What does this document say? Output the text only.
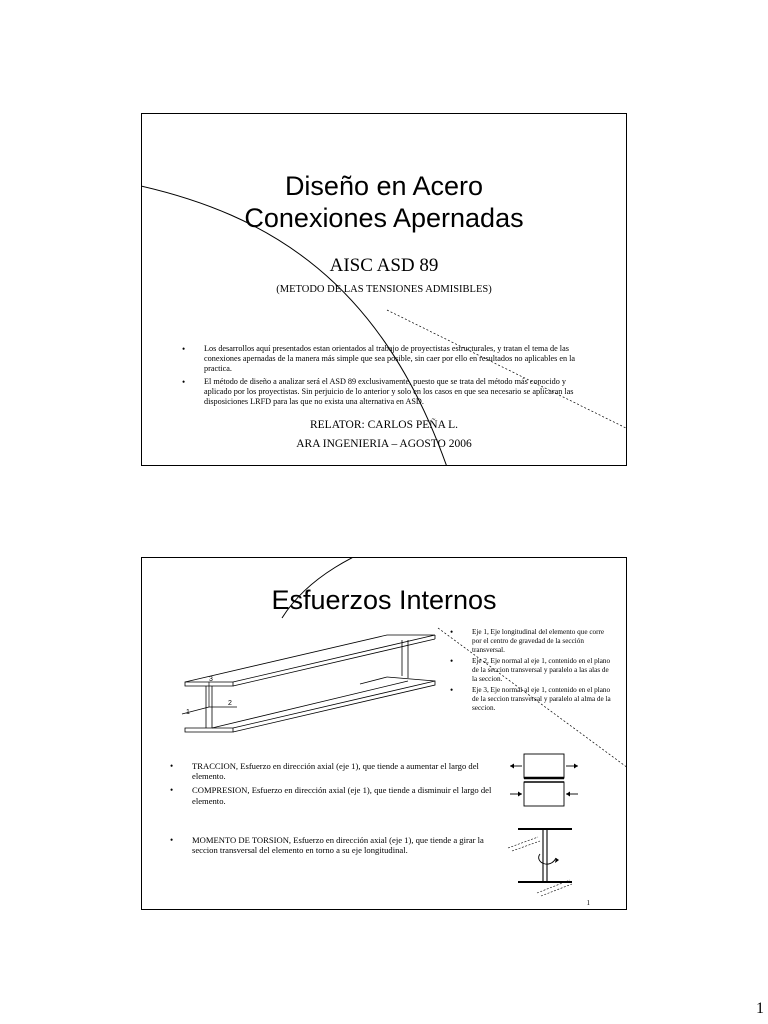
Diseño en Acero
Conexiones Apernadas
AISC ASD 89
(METODO DE LAS TENSIONES ADMISIBLES)
• Los desarrollos aquí presentados estan orientados al trabajo de proyectistas estructurales, y tratan el tema de las conexiones apernadas de la manera más simple que sea posible, sin caer por ello en resultados no aplicables en la practica.
• El método de diseño a analizar será el ASD 89 exclusivamente, puesto que se trata del método más conocido y aplicado por los proyectistas. Sin perjuicio de lo anterior y solo en los casos en que sea necesario se aplicaran las disposiciones LRFD para las que no exista una alternativa en ASD.
RELATOR: CARLOS PEÑA L.
ARA INGENIERIA – AGOSTO 2006
Esfuerzos Internos
•	Eje 1, Eje longitudinal del elemento que corre por el centro de gravedad de la sección transversal.
•	Eje 2, Eje normal al eje 1, contenido en el plano de la seccion transversal y paralelo a las alas de la seccion.
•	Eje 3, Eje normal al eje 1, contenido en el plano de la seccion transversal y paralelo al alma de la seccion.
3
1
2
• TRACCION, Esfuerzo en dirección axial (eje 1), que tiende a aumentar el largo del elemento.
• COMPRESION, Esfuerzo en dirección axial (eje 1), que tiende a disminuir el largo del elemento.
• MOMENTO DE TORSION, Esfuerzo en dirección axial (eje 1), que tiende a girar la seccion transversal del elemento en torno a su eje longitudinal.
1
1
